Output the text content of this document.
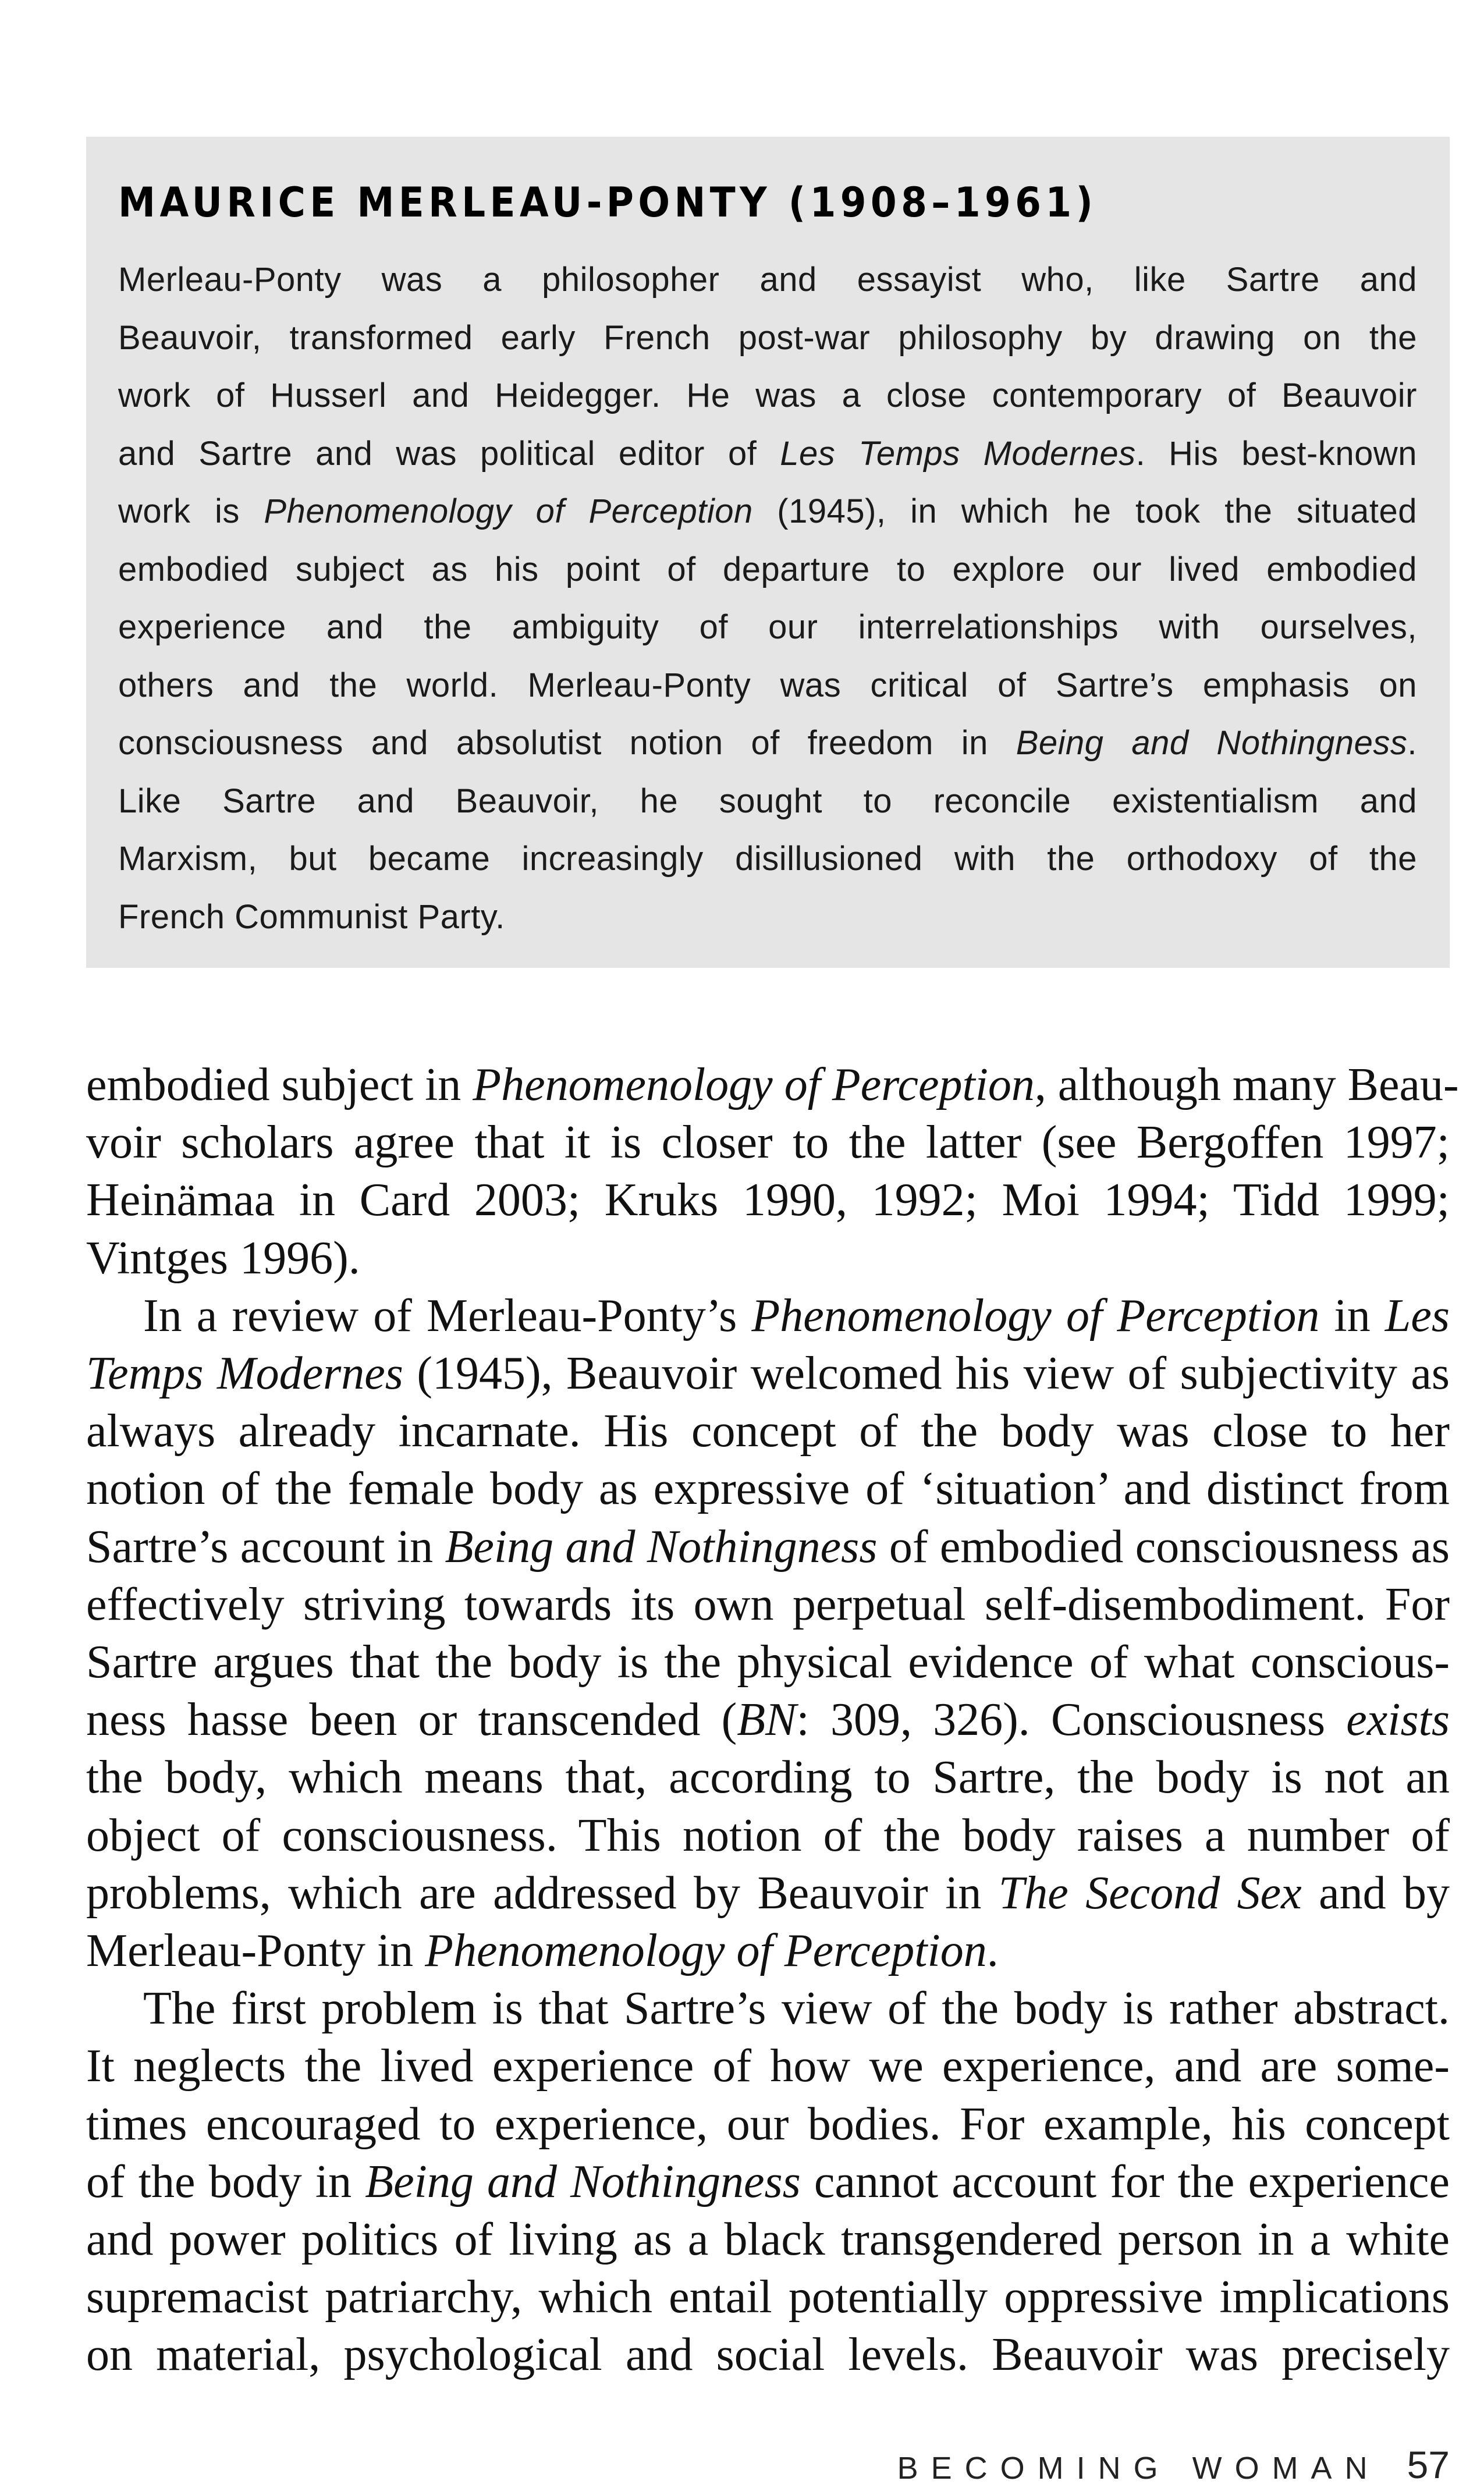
MAURICE MERLEAU-PONTY (1908–1961)
Merleau-Ponty was a philosopher and essayist who, like Sartre and
Beauvoir, transformed early French post-war philosophy by drawing on the
work of Husserl and Heidegger. He was a close contemporary of Beauvoir
and Sartre and was political editor of Les Temps Modernes. His best-known
work is Phenomenology of Perception (1945), in which he took the situated
embodied subject as his point of departure to explore our lived embodied
experience and the ambiguity of our interrelationships with ourselves,
others and the world. Merleau-Ponty was critical of Sartre’s emphasis on
consciousness and absolutist notion of freedom in Being and Nothingness.
Like Sartre and Beauvoir, he sought to reconcile existentialism and
Marxism, but became increasingly disillusioned with the orthodoxy of the
French Communist Party.
embodied subject in Phenomenology of Perception, although many Beau-
voir scholars agree that it is closer to the latter (see Bergoffen 1997;
Heinämaa in Card 2003; Kruks 1990, 1992; Moi 1994; Tidd 1999;
Vintges 1996).
In a review of Merleau-Ponty’s Phenomenology of Perception in Les
Temps Modernes (1945), Beauvoir welcomed his view of subjectivity as
always already incarnate. His concept of the body was close to her
notion of the female body as expressive of ‘situation’ and distinct from
Sartre’s account in Being and Nothingness of embodied consciousness as
effectively striving towards its own perpetual self-disembodiment. For
Sartre argues that the body is the physical evidence of what conscious-
ness hasse been or transcended (BN: 309, 326). Consciousness exists
the body, which means that, according to Sartre, the body is not an
object of consciousness. This notion of the body raises a number of
problems, which are addressed by Beauvoir in The Second Sex and by
Merleau-Ponty in Phenomenology of Perception.
The first problem is that Sartre’s view of the body is rather abstract.
It neglects the lived experience of how we experience, and are some-
times encouraged to experience, our bodies. For example, his concept
of the body in Being and Nothingness cannot account for the experience
and power politics of living as a black transgendered person in a white
supremacist patriarchy, which entail potentially oppressive implications
on material, psychological and social levels. Beauvoir was precisely
BECOMING WOMAN 57
